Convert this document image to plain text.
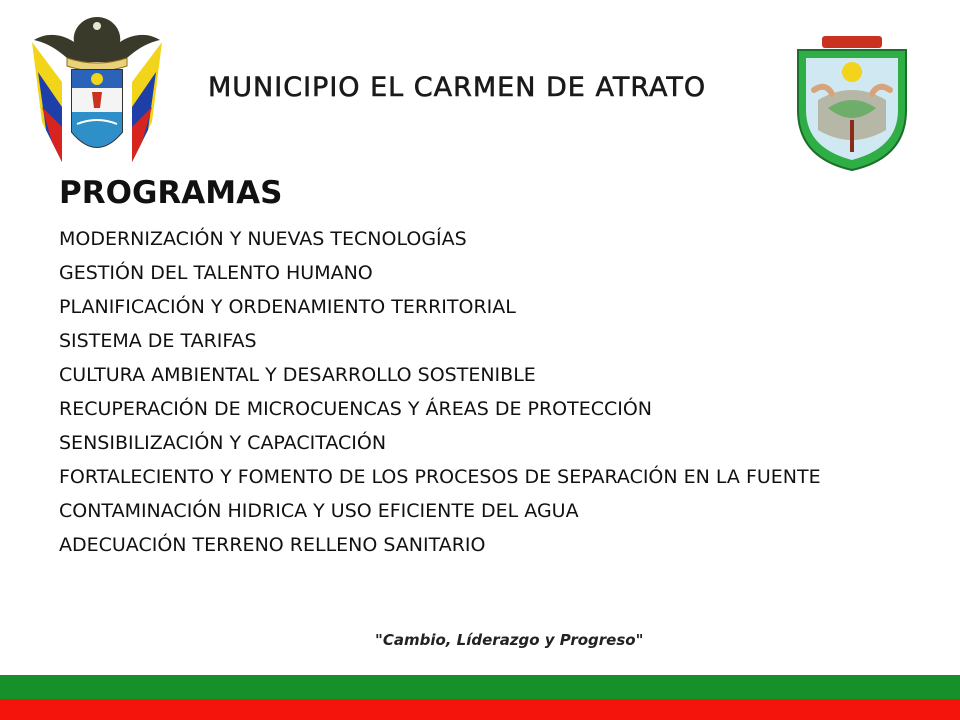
MUNICIPIO EL CARMEN DE ATRATO
PROGRAMAS
MODERNIZACIÓN Y NUEVAS TECNOLOGÍAS
GESTIÓN DEL TALENTO HUMANO
PLANIFICACIÓN Y ORDENAMIENTO TERRITORIAL
SISTEMA DE TARIFAS
CULTURA AMBIENTAL Y DESARROLLO SOSTENIBLE
RECUPERACIÓN DE MICROCUENCAS Y ÁREAS DE PROTECCIÓN
SENSIBILIZACIÓN Y CAPACITACIÓN
FORTALECIENTO Y FOMENTO DE LOS PROCESOS DE SEPARACIÓN EN LA FUENTE
CONTAMINACIÓN HIDRICA Y USO EFICIENTE DEL AGUA
ADECUACIÓN TERRENO RELLENO SANITARIO
"Cambio, Líderazgo y Progreso"
